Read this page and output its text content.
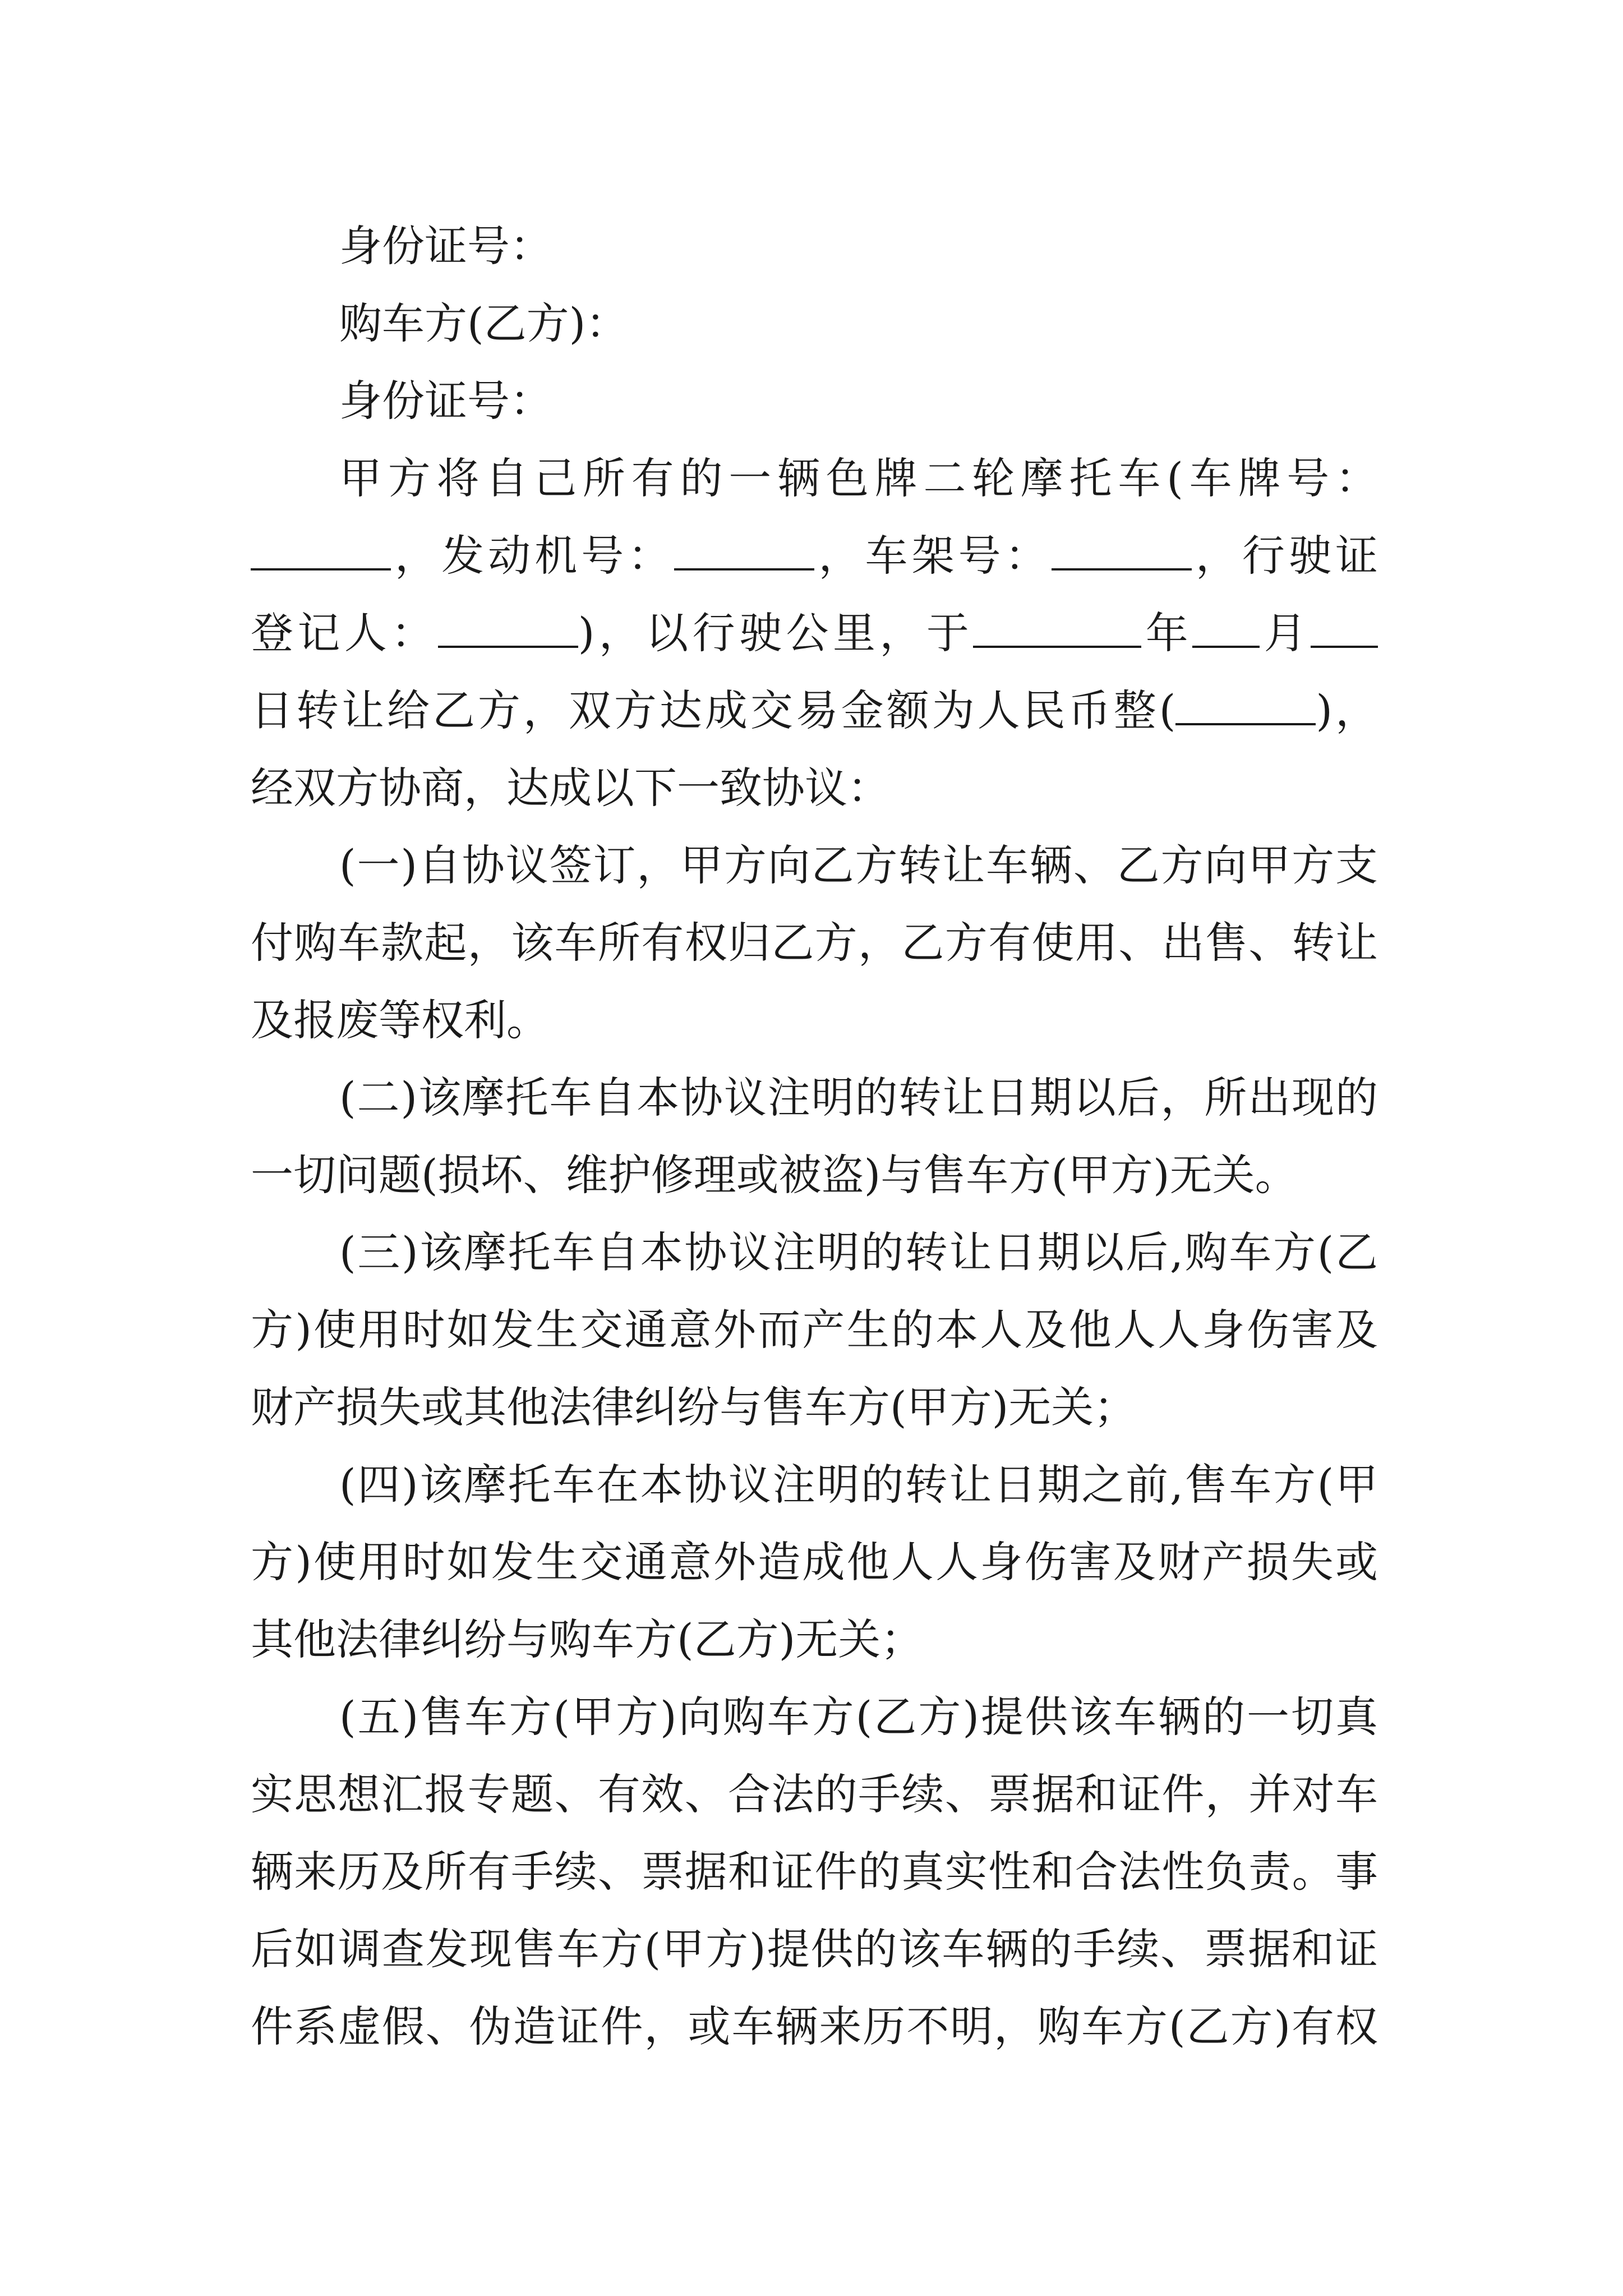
身份证号：
购车方(乙方)：
身份证号：
甲方将自己所有的一辆色牌二轮摩托车(车牌号：
，发动机号：	，车架号：	，行驶证
登记人：	)，以行驶公里，于	年 月
日转让给乙方，双方达成交易金额为人民币整(	)，
经双方协商，达成以下一致协议：
(一)自协议签订，甲方向乙方转让车辆、乙方向甲方支
付购车款起，该车所有权归乙方，乙方有使用、出售、转让
及报废等权利。
(二)该摩托车自本协议注明的转让日期以后，所出现的
一切问题(损坏、维护修理或被盗)与售车方(甲方)无关。
(三)该摩托车自本协议注明的转让日期以后,购车方(乙
方)使用时如发生交通意外而产生的本人及他人人身伤害及
财产损失或其他法律纠纷与售车方(甲方)无关；
(四)该摩托车在本协议注明的转让日期之前,售车方(甲
方)使用时如发生交通意外造成他人人身伤害及财产损失或
其他法律纠纷与购车方(乙方)无关；
(五)售车方(甲方)向购车方(乙方)提供该车辆的一切真
实思想汇报专题、有效、合法的手续、票据和证件，并对车
辆来历及所有手续、票据和证件的真实性和合法性负责。事
后如调查发现售车方(甲方)提供的该车辆的手续、票据和证
件系虚假、伪造证件，或车辆来历不明，购车方(乙方)有权
